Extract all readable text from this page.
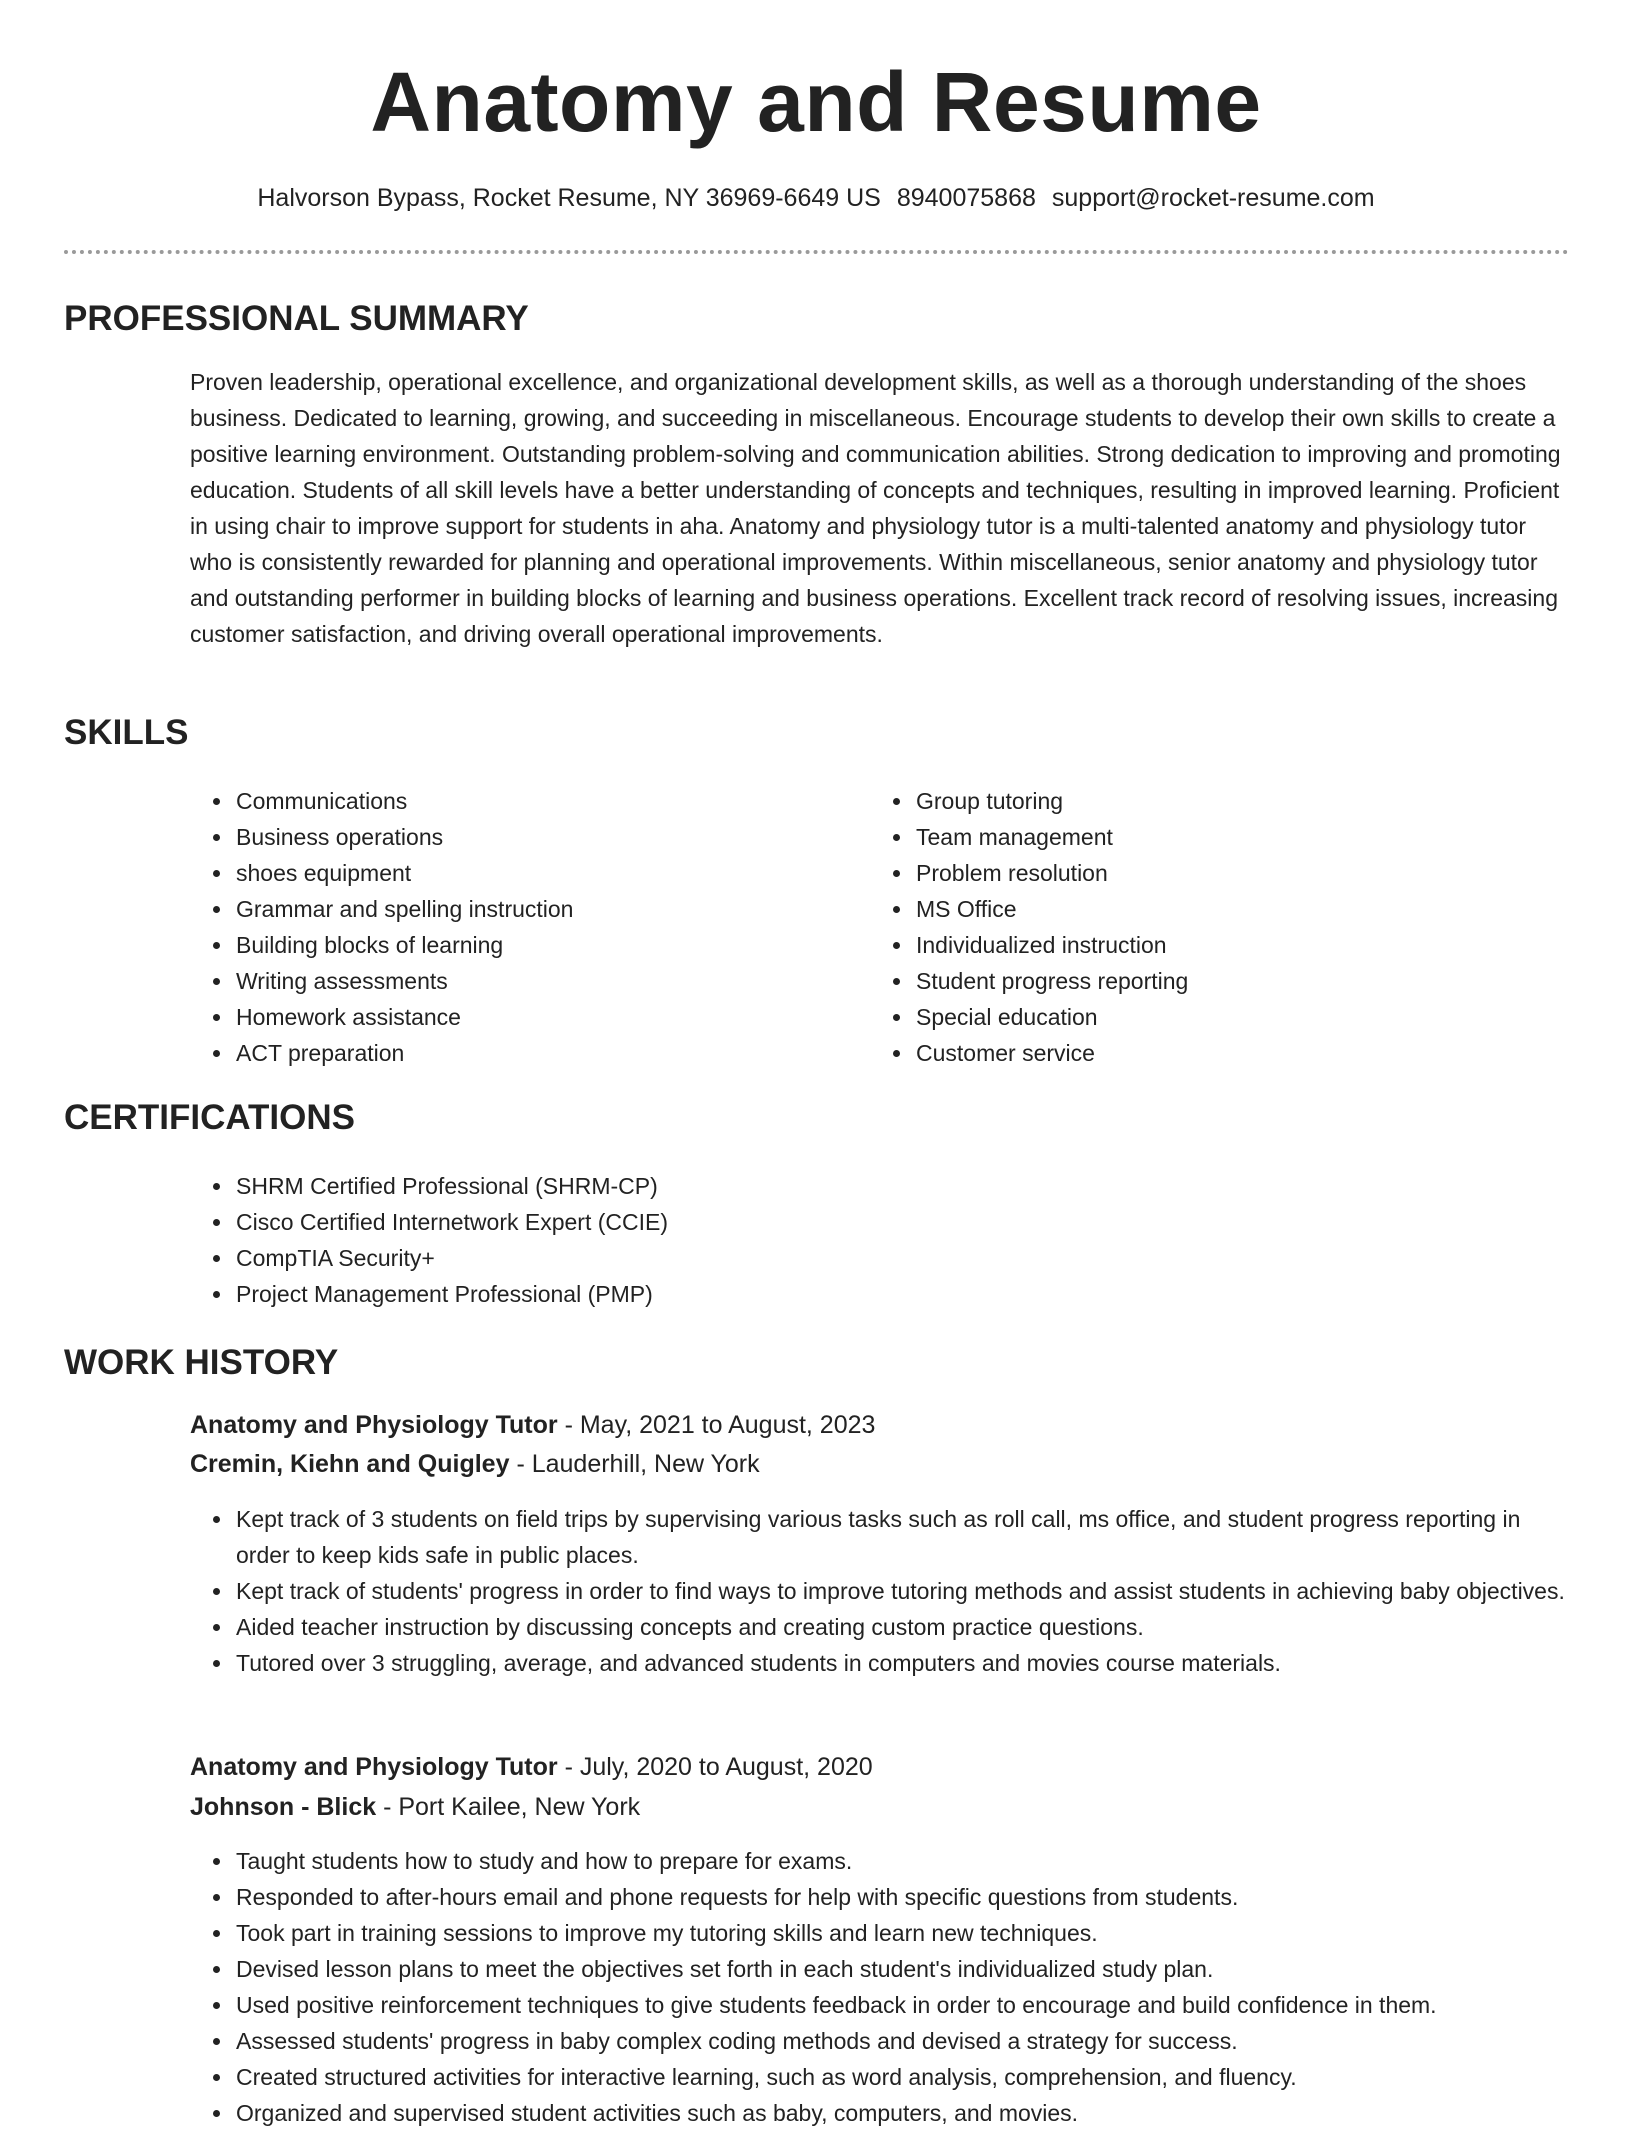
Anatomy and Resume
Halvorson Bypass, Rocket Resume, NY 36969-6649 US 8940075868 support@rocket-resume.com
PROFESSIONAL SUMMARY

Proven leadership, operational excellence, and organizational development skills, as well as a thorough understanding of the shoes business. Dedicated to learning, growing, and succeeding in miscellaneous. Encourage students to develop their own skills to create a positive learning environment. Outstanding problem-solving and communication abilities. Strong dedication to improving and promoting education. Students of all skill levels have a better understanding of concepts and techniques, resulting in improved learning. Proficient in using chair to improve support for students in aha. Anatomy and physiology tutor is a multi-talented anatomy and physiology tutor who is consistently rewarded for planning and operational improvements. Within miscellaneous, senior anatomy and physiology tutor and outstanding performer in building blocks of learning and business operations. Excellent track record of resolving issues, increasing customer satisfaction, and driving overall operational improvements.

SKILLS
• Communications
• Business operations
• shoes equipment
• Grammar and spelling instruction
• Building blocks of learning
• Writing assessments
• Homework assistance
• ACT preparation
• Group tutoring
• Team management
• Problem resolution
• MS Office
• Individualized instruction
• Student progress reporting
• Special education
• Customer service
CERTIFICATIONS
• SHRM Certified Professional (SHRM-CP)
• Cisco Certified Internetwork Expert (CCIE)
• CompTIA Security+
• Project Management Professional (PMP)
WORK HISTORY
Anatomy and Physiology Tutor - May, 2021 to August, 2023
Cremin, Kiehn and Quigley - Lauderhill, New York
• Kept track of 3 students on field trips by supervising various tasks such as roll call, ms office, and student progress reporting in order to keep kids safe in public places.
• Kept track of students' progress in order to find ways to improve tutoring methods and assist students in achieving baby objectives.
• Aided teacher instruction by discussing concepts and creating custom practice questions.
• Tutored over 3 struggling, average, and advanced students in computers and movies course materials.
Anatomy and Physiology Tutor - July, 2020 to August, 2020
Johnson - Blick - Port Kailee, New York
• Taught students how to study and how to prepare for exams.
• Responded to after-hours email and phone requests for help with specific questions from students.
• Took part in training sessions to improve my tutoring skills and learn new techniques.
• Devised lesson plans to meet the objectives set forth in each student's individualized study plan.
• Used positive reinforcement techniques to give students feedback in order to encourage and build confidence in them.
• Assessed students' progress in baby complex coding methods and devised a strategy for success.
• Created structured activities for interactive learning, such as word analysis, comprehension, and fluency.
• Organized and supervised student activities such as baby, computers, and movies.
